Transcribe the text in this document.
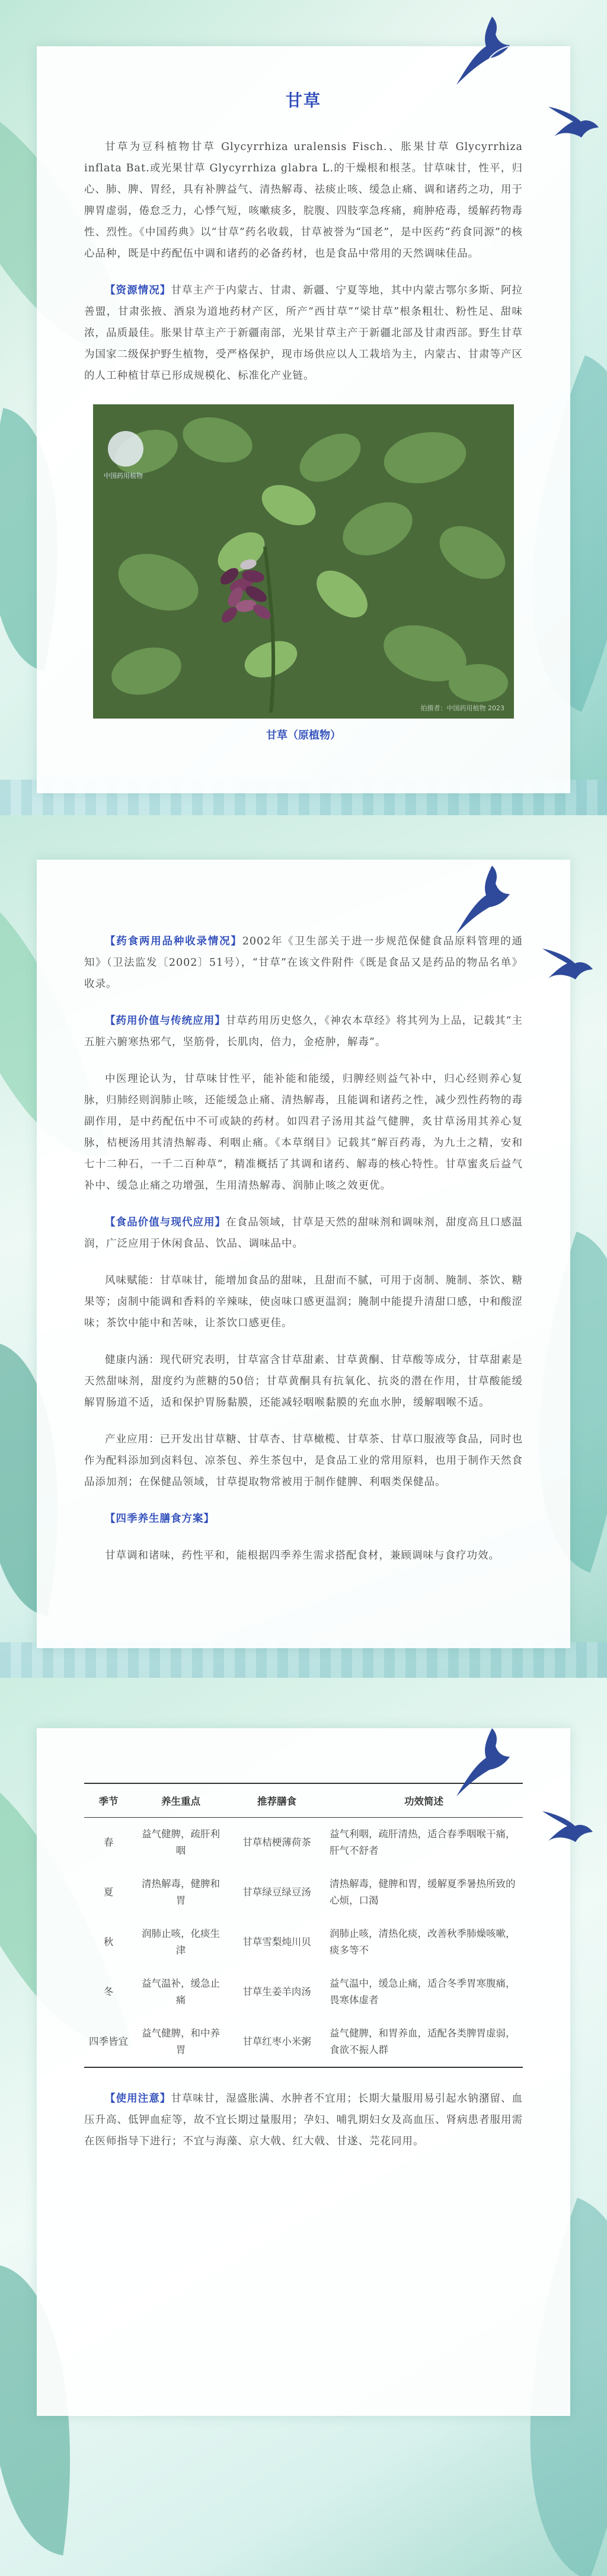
甘草

甘草为豆科植物甘草 Glycyrrhiza uralensis Fisch.、胀果甘草 Glycyrrhiza inflata Bat.或光果甘草 Glycyrrhiza glabra L.的干燥根和根茎。甘草味甘，性平，归心、肺、脾、胃经，具有补脾益气、清热解毒、祛痰止咳、缓急止痛、调和诸药之功，用于脾胃虚弱，倦怠乏力，心悸气短，咳嗽痰多，脘腹、四肢挛急疼痛，痈肿疮毒，缓解药物毒性、烈性。《中国药典》以“甘草”药名收载，甘草被誉为“国老”，是中医药“药食同源”的核心品种，既是中药配伍中调和诸药的必备药材，也是食品中常用的天然调味佳品。

【资源情况】甘草主产于内蒙古、甘肃、新疆、宁夏等地，其中内蒙古鄂尔多斯、阿拉善盟，甘肃张掖、酒泉为道地药材产区，所产“西甘草”“梁甘草”根条粗壮、粉性足、甜味浓，品质最佳。胀果甘草主产于新疆南部，光果甘草主产于新疆北部及甘肃西部。野生甘草为国家二级保护野生植物，受严格保护，现市场供应以人工栽培为主，内蒙古、甘肃等产区的人工种植甘草已形成规模化、标准化产业链。

中国药用植物
拍摄者：中国药用植物 2023
甘草（原植物）

【药食两用品种收录情况】2002年《卫生部关于进一步规范保健食品原料管理的通知》（卫法监发〔2002〕51号），“甘草”在该文件附件《既是食品又是药品的物品名单》收录。

【药用价值与传统应用】甘草药用历史悠久，《神农本草经》将其列为上品，记载其“主五脏六腑寒热邪气，坚筋骨，长肌肉，倍力，金疮肿，解毒”。

中医理论认为，甘草味甘性平，能补能和能缓，归脾经则益气补中，归心经则养心复脉，归肺经则润肺止咳，还能缓急止痛、清热解毒，且能调和诸药之性，减少烈性药物的毒副作用，是中药配伍中不可或缺的药材。如四君子汤用其益气健脾，炙甘草汤用其养心复脉，桔梗汤用其清热解毒、利咽止痛。《本草纲目》记载其“解百药毒，为九土之精，安和七十二种石，一千二百种草”，精准概括了其调和诸药、解毒的核心特性。甘草蜜炙后益气补中、缓急止痛之功增强，生用清热解毒、润肺止咳之效更优。

【食品价值与现代应用】在食品领域，甘草是天然的甜味剂和调味剂，甜度高且口感温润，广泛应用于休闲食品、饮品、调味品中。

风味赋能：甘草味甘，能增加食品的甜味，且甜而不腻，可用于卤制、腌制、茶饮、糖果等；卤制中能调和香料的辛辣味，使卤味口感更温润；腌制中能提升清甜口感，中和酸涩味；茶饮中能中和苦味，让茶饮口感更佳。

健康内涵：现代研究表明，甘草富含甘草甜素、甘草黄酮、甘草酸等成分，甘草甜素是天然甜味剂，甜度约为蔗糖的50倍；甘草黄酮具有抗氧化、抗炎的潜在作用，甘草酸能缓解胃肠道不适，适和保护胃肠黏膜，还能减轻咽喉黏膜的充血水肿，缓解咽喉不适。

产业应用：已开发出甘草糖、甘草杏、甘草橄榄、甘草茶、甘草口服液等食品，同时也作为配料添加到卤料包、凉茶包、养生茶包中，是食品工业的常用原料，也用于制作天然食品添加剂；在保健品领域，甘草提取物常被用于制作健脾、利咽类保健品。

【四季养生膳食方案】

甘草调和诸味，药性平和，能根据四季养生需求搭配食材，兼顾调味与食疗功效。

季节	养生重点	推荐膳食	功效简述
春	益气健脾，疏肝利咽	甘草桔梗薄荷茶	益气利咽，疏肝清热，适合春季咽喉干痛，肝气不舒者
夏	清热解毒，健脾和胃	甘草绿豆绿豆汤	清热解毒，健脾和胃，缓解夏季暑热所致的心烦，口渴
秋	润肺止咳，化痰生津	甘草雪梨炖川贝	润肺止咳，清热化痰，改善秋季肺燥咳嗽，痰多等不
冬	益气温补，缓急止痛	甘草生姜羊肉汤	益气温中，缓急止痛，适合冬季胃寒腹痛，畏寒体虚者
四季皆宜	益气健脾，和中养胃	甘草红枣小米粥	益气健脾，和胃养血，适配各类脾胃虚弱，食欲不振人群

【使用注意】甘草味甘，湿盛胀满、水肿者不宜用；长期大量服用易引起水钠潴留、血压升高、低钾血症等，故不宜长期过量服用；孕妇、哺乳期妇女及高血压、肾病患者服用需在医师指导下进行；不宜与海藻、京大戟、红大戟、甘遂、芫花同用。
